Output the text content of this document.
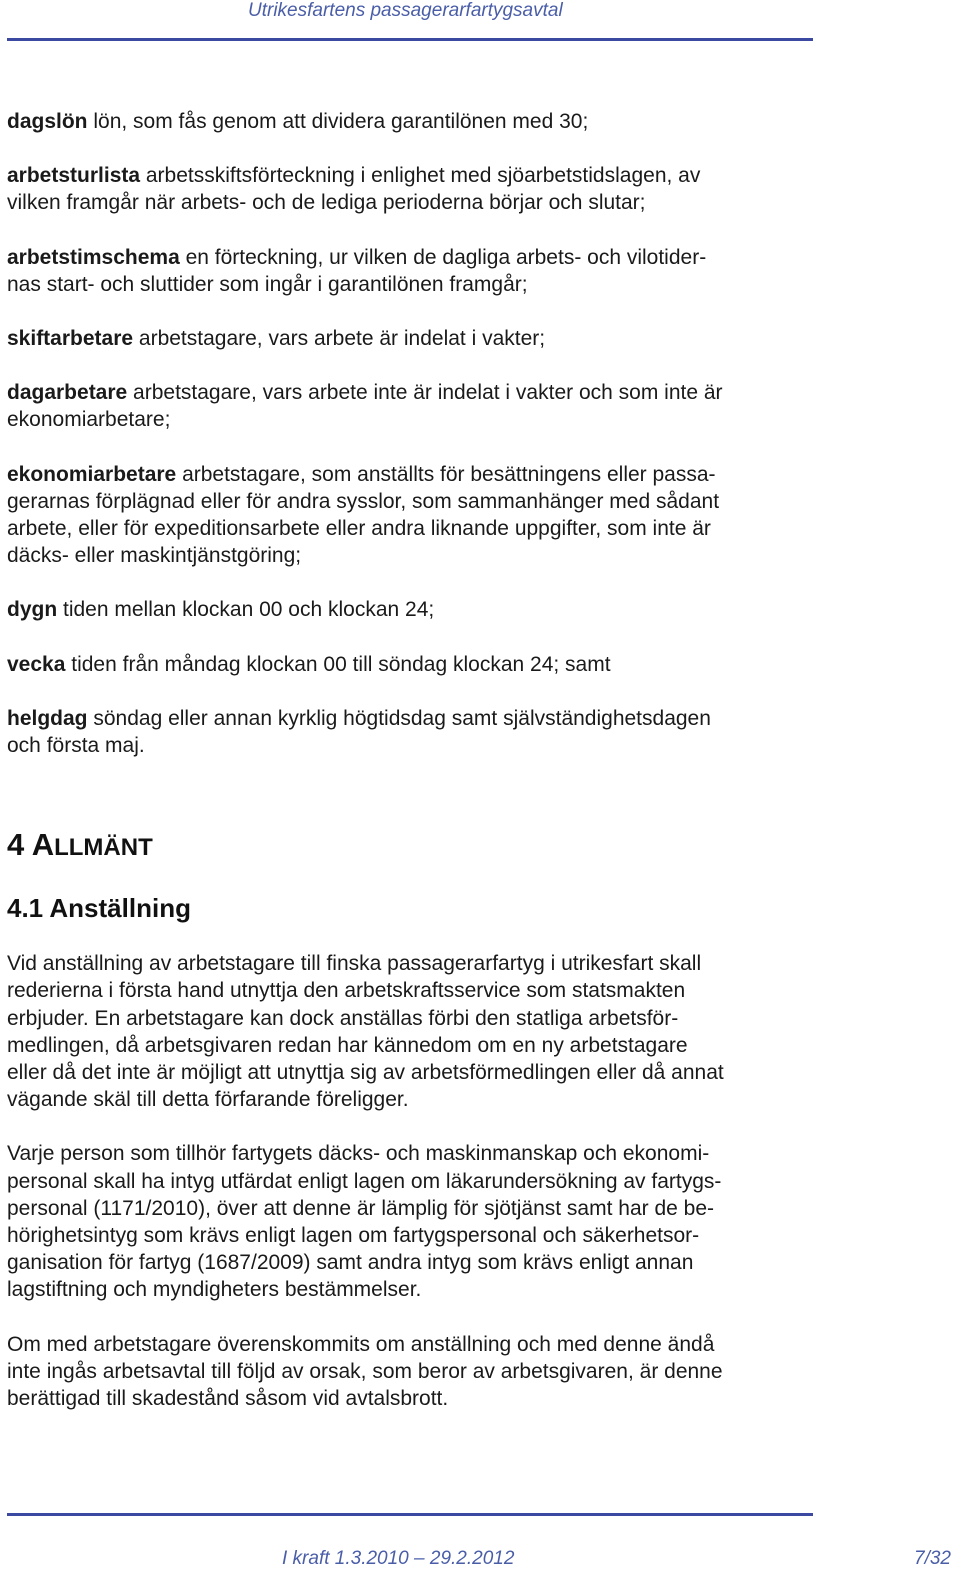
Utrikesfartens passagerarfartygsavtal
dagslön lön, som fås genom att dividera garantilönen med 30;
arbetsturlista arbetsskiftsförteckning i enlighet med sjöarbetstidslagen, av
vilken framgår när arbets- och de lediga perioderna börjar och slutar;
arbetstimschema en förteckning, ur vilken de dagliga arbets- och vilotider-
nas start- och sluttider som ingår i garantilönen framgår;
skiftarbetare arbetstagare, vars arbete är indelat i vakter;
dagarbetare arbetstagare, vars arbete inte är indelat i vakter och som inte är
ekonomiarbetare;
ekonomiarbetare arbetstagare, som anställts för besättningens eller passa-
gerarnas förplägnad eller för andra sysslor, som sammanhänger med sådant
arbete, eller för expeditionsarbete eller andra liknande uppgifter, som inte är
däcks- eller maskintjänstgöring;
dygn tiden mellan klockan 00 och klockan 24;
vecka tiden från måndag klockan 00 till söndag klockan 24; samt
helgdag söndag eller annan kyrklig högtidsdag samt självständighetsdagen
och första maj.
4 ALLMÄNT
4.1 Anställning
Vid anställning av arbetstagare till finska passagerarfartyg i utrikesfart skall
rederierna i första hand utnyttja den arbetskraftsservice som statsmakten
erbjuder. En arbetstagare kan dock anställas förbi den statliga arbetsför-
medlingen, då arbetsgivaren redan har kännedom om en ny arbetstagare
eller då det inte är möjligt att utnyttja sig av arbetsförmedlingen eller då annat
vägande skäl till detta förfarande föreligger.
Varje person som tillhör fartygets däcks- och maskinmanskap och ekonomi-
personal skall ha intyg utfärdat enligt lagen om läkarundersökning av fartygs-
personal (1171/2010), över att denne är lämplig för sjötjänst samt har de be-
hörighetsintyg som krävs enligt lagen om fartygspersonal och säkerhetsor-
ganisation för fartyg (1687/2009) samt andra intyg som krävs enligt annan
lagstiftning och myndigheters bestämmelser.
Om med arbetstagare överenskommits om anställning och med denne ändå
inte ingås arbetsavtal till följd av orsak, som beror av arbetsgivaren, är denne
berättigad till skadestånd såsom vid avtalsbrott.
I kraft 1.3.2010 – 29.2.2012	7/32
